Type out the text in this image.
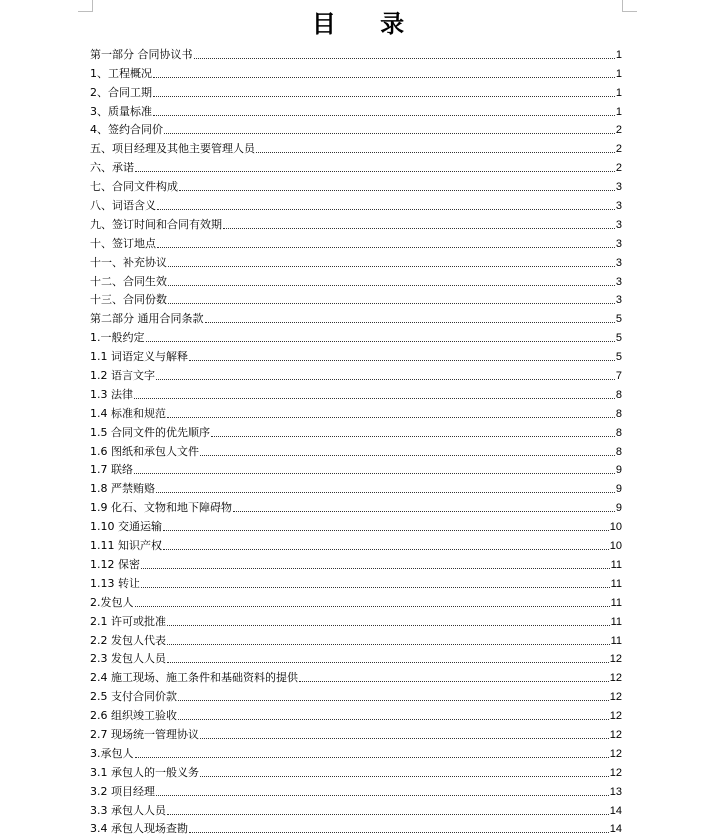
目 录
第一部分 合同协议书	1
1、工程概况	1
2、合同工期	1
3、质量标准	1
4、签约合同价	2
五、项目经理及其他主要管理人员	2
六、承诺	2
七、合同文件构成	3
八、词语含义	3
九、签订时间和合同有效期	3
十、签订地点	3
十一、补充协议	3
十二、合同生效	3
十三、合同份数	3
第二部分 通用合同条款	5
1.一般约定	5
1.1 词语定义与解释	5
1.2 语言文字	7
1.3 法律	8
1.4 标准和规范	8
1.5 合同文件的优先顺序	8
1.6 图纸和承包人文件	8
1.7 联络	9
1.8 严禁贿赂	9
1.9 化石、文物和地下障碍物	9
1.10 交通运输	10
1.11 知识产权	10
1.12 保密	11
1.13 转让	11
2.发包人	11
2.1 许可或批准	11
2.2 发包人代表	11
2.3 发包人人员	12
2.4 施工现场、施工条件和基础资料的提供	12
2.5 支付合同价款	12
2.6 组织竣工验收	12
2.7 现场统一管理协议	12
3.承包人	12
3.1 承包人的一般义务	12
3.2 项目经理	13
3.3 承包人人员	14
3.4 承包人现场查勘	14
